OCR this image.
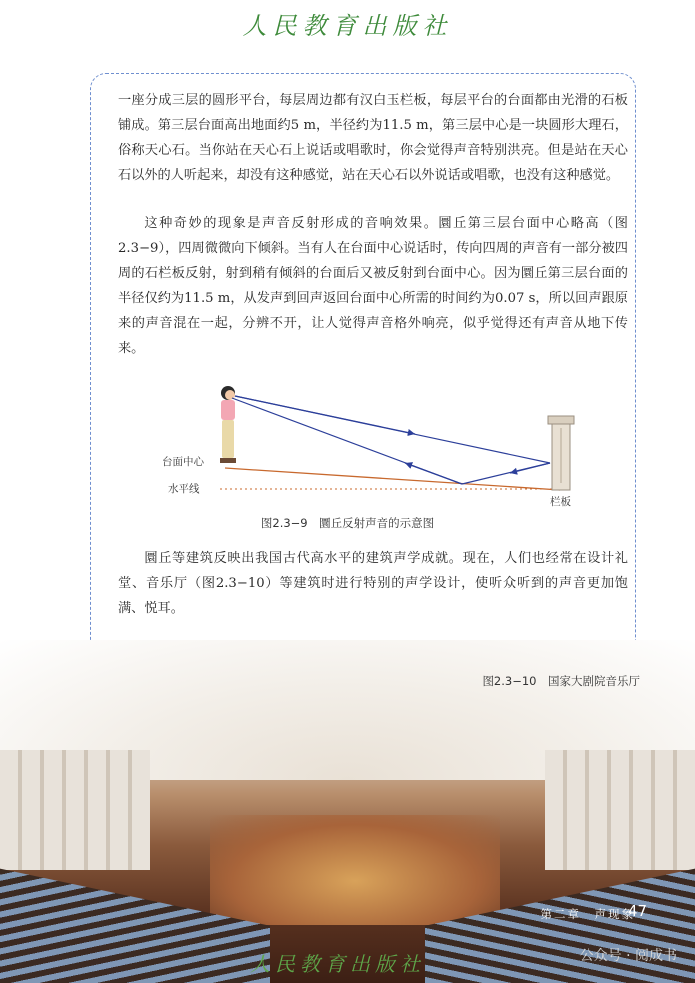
人民教育出版社

一座分成三层的圆形平台，每层周边都有汉白玉栏板，每层平台的台面都由光滑的石板铺成。第三层台面高出地面约5 m，半径约为11.5 m，第三层中心是一块圆形大理石，俗称天心石。当你站在天心石上说话或唱歌时，你会觉得声音特别洪亮。但是站在天心石以外的人听起来，却没有这种感觉，站在天心石以外说话或唱歌，也没有这种感觉。

这种奇妙的现象是声音反射形成的音响效果。圜丘第三层台面中心略高（图2.3−9），四周微微向下倾斜。当有人在台面中心说话时，传向四周的声音有一部分被四周的石栏板反射，射到稍有倾斜的台面后又被反射到台面中心。因为圜丘第三层台面的半径仅约为11.5 m，从发声到回声返回台面中心所需的时间约为0.07 s，所以回声跟原来的声音混在一起，分辨不开，让人觉得声音格外响亮，似乎觉得还有声音从地下传来。

台面中心
水平线
栏板
图2.3−9　圜丘反射声音的示意图

圜丘等建筑反映出我国古代高水平的建筑声学成就。现在，人们也经常在设计礼堂、音乐厅（图2.3−10）等建筑时进行特别的声学设计，使听众听到的声音更加饱满、悦耳。

图2.3−10　国家大剧院音乐厅
第二章　声现象
47
人民教育出版社	公众号 · 阅成书
